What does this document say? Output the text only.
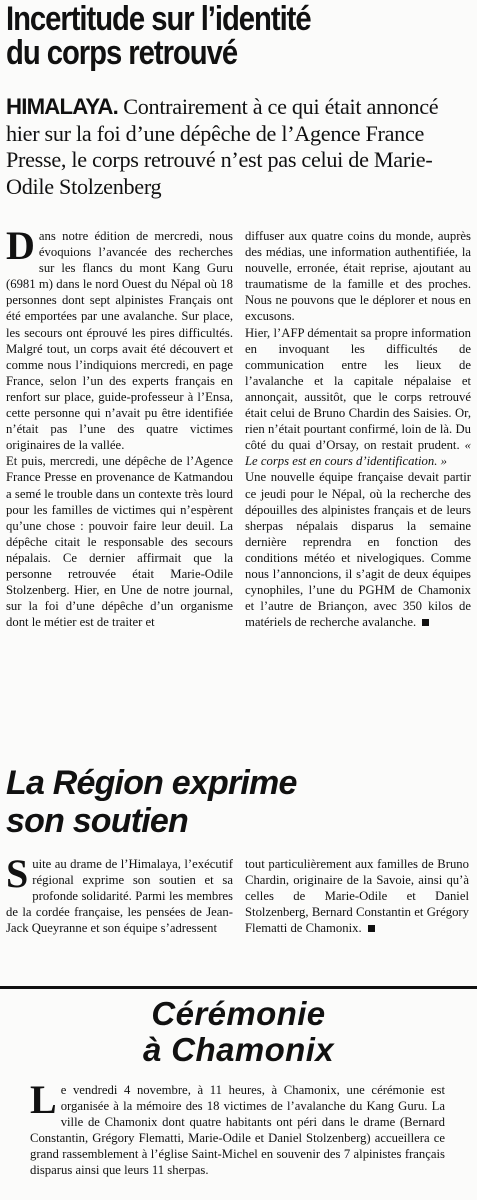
Incertitude sur l’identité
du corps retrouvé
HIMALAYA. Contrairement à ce qui était annoncé hier sur la foi d’une dépêche de l’Agence France Presse, le corps retrouvé n’est pas celui de Marie-Odile Stolzenberg

Dans notre édition de mercredi, nous évoquions l’avancée des recherches sur les flancs du mont Kang Guru (6981 m) dans le nord Ouest du Népal où 18 personnes dont sept alpinistes Français ont été emportées par une avalanche. Sur place, les secours ont éprouvé les pires difficultés. Malgré tout, un corps avait été découvert et comme nous l’indiquions mercredi, en page France, selon l’un des experts français en renfort sur place, guide-professeur à l’Ensa, cette personne qui n’avait pu être identifiée n’était pas l’une des quatre victimes originaires de la vallée.

Et puis, mercredi, une dépêche de l’Agence France Presse en provenance de Katmandou a semé le trouble dans un contexte très lourd pour les familles de victimes qui n’espèrent qu’une chose : pouvoir faire leur deuil. La dépêche citait le responsable des secours népalais. Ce dernier affirmait que la personne retrouvée était Marie-Odile Stolzenberg. Hier, en Une de notre journal, sur la foi d’une dépêche d’un organisme dont le métier est de traiter et

diffuser aux quatre coins du monde, auprès des médias, une information authentifiée, la nouvelle, erronée, était reprise, ajoutant au traumatisme de la famille et des proches. Nous ne pouvons que le déplorer et nous en excusons.

Hier, l’AFP démentait sa propre information en invoquant les difficultés de communication entre les lieux de l’avalanche et la capitale népalaise et annonçait, aussitôt, que le corps retrouvé était celui de Bruno Chardin des Saisies. Or, rien n’était pourtant confirmé, loin de là. Du côté du quai d’Orsay, on restait prudent. « Le corps est en cours d’identification. »

Une nouvelle équipe française devait partir ce jeudi pour le Népal, où la recherche des dépouilles des alpinistes français et de leurs sherpas népalais disparus la semaine dernière reprendra en fonction des conditions météo et nivelogiques. Comme nous l’annoncions, il s’agit de deux équipes cynophiles, l’une du PGHM de Chamonix et l’autre de Briançon, avec 350 kilos de matériels de recherche avalanche.

La Région exprime
son soutien

Suite au drame de l’Himalaya, l’exécutif régional exprime son soutien et sa profonde solidarité. Parmi les membres de la cordée française, les pensées de Jean-Jack Queyranne et son équipe s’adressent

tout particulièrement aux familles de Bruno Chardin, originaire de la Savoie, ainsi qu’à celles de Marie-Odile et Daniel Stolzenberg, Bernard Constantin et Grégory Flematti de Chamonix.

Cérémonie
à Chamonix

Le vendredi 4 novembre, à 11 heures, à Chamonix, une cérémonie est organisée à la mémoire des 18 victimes de l’avalanche du Kang Guru. La ville de Chamonix dont quatre habitants ont péri dans le drame (Bernard Constantin, Grégory Flematti, Marie-Odile et Daniel Stolzenberg) accueillera ce grand rassemblement à l’église Saint-Michel en souvenir des 7 alpinistes français disparus ainsi que leurs 11 sherpas.
